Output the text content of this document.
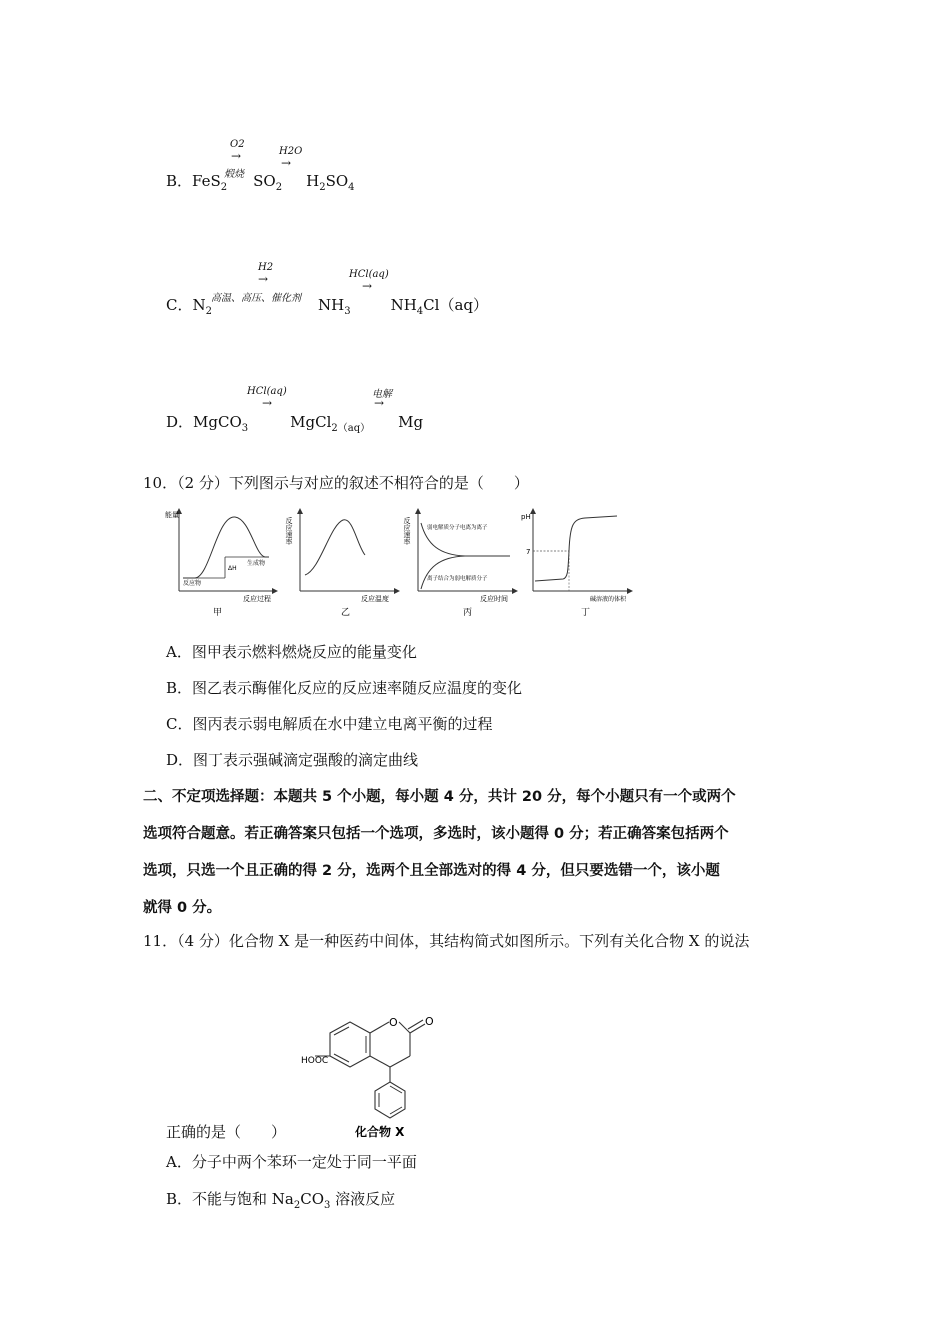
O2
→
煅烧
H2O
→
B．FeS$_2$ $SO_2$ $H_2SO_4$
H2
→
高温、高压、催化剂
HCl(aq)
→
C．$N_2$	$NH_3$	$NH_4Cl(aq)$
HCl(aq)
→
电解
→
D．MgCO$_3$	MgCl$_{2(aq)}$ Mg
10．（2 分）下列图示与对应的叙述不相符合的是（　　）
能量
反应过程
反应物
生成物
ΔH
甲
反应速率
反应温度
乙
反应速率
反应时间
弱电解质分子电离为离子
离子结合为弱电解质分子
丙
pH
碱溶液的体积
7
丁
A．图甲表示燃料燃烧反应的能量变化
B．图乙表示酶催化反应的反应速率随反应温度的变化
C．图丙表示弱电解质在水中建立电离平衡的过程
D．图丁表示强碱滴定强酸的滴定曲线
二、不定项选择题：本题共 5 个小题，每小题 4 分，共计 20 分，每个小题只有一个或两个
选项符合题意。若正确答案只包括一个选项，多选时，该小题得 0 分；若正确答案包括两个
选项，只选一个且正确的得 2 分，选两个且全部选对的得 4 分，但只要选错一个，该小题
就得 0 分。
11．（4 分）化合物 X 是一种医药中间体，其结构简式如图所示。下列有关化合物 X 的说法
O O
HOOC
化合物 X
正确的是（　　）
A．分子中两个苯环一定处于同一平面
B．不能与饱和 $Na_2CO_3$ 溶液反应
